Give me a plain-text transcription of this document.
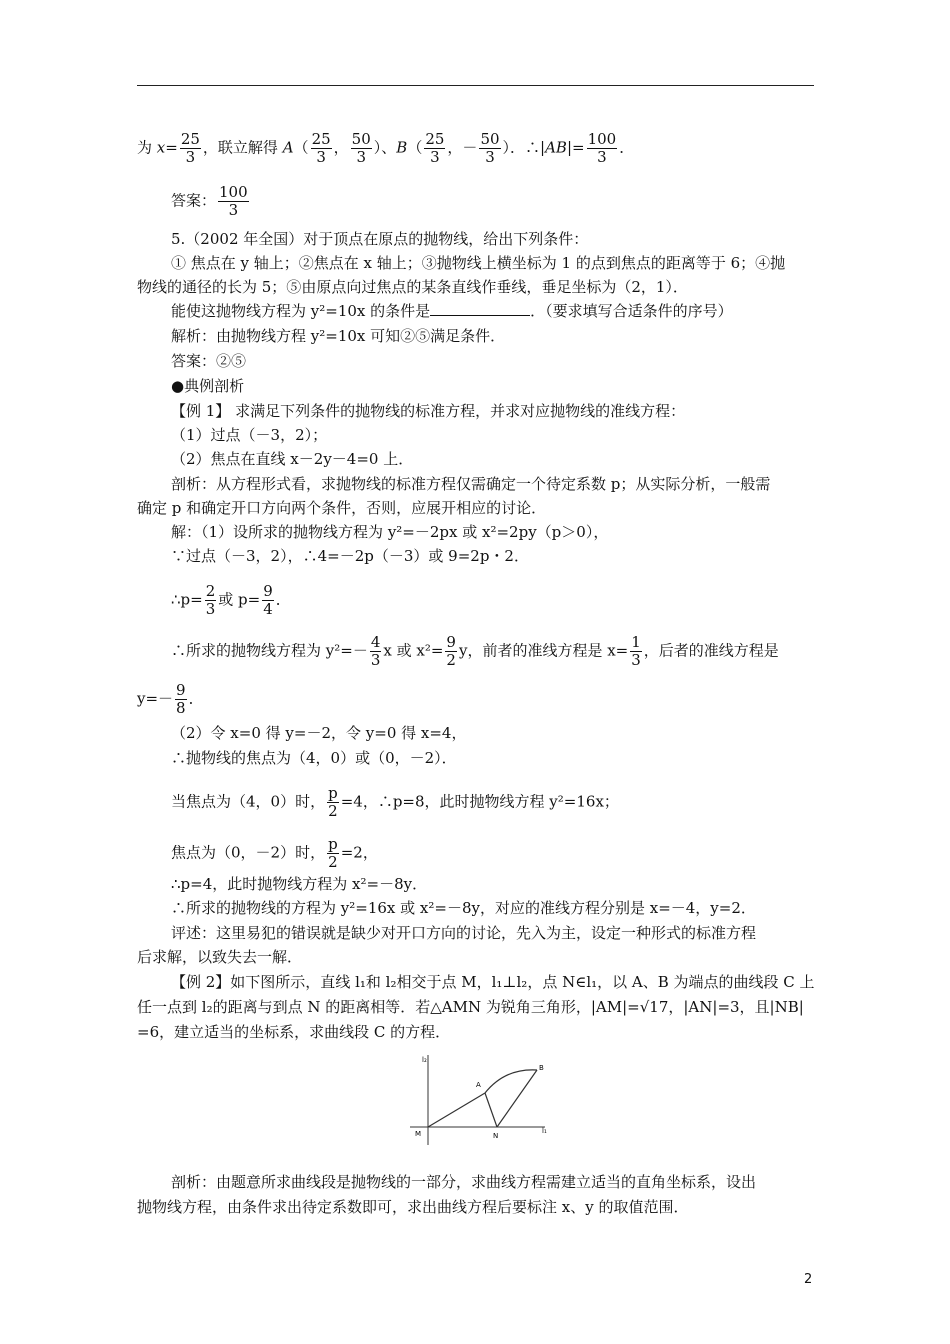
为 $x= \frac{25}{3}$ ，联立解得 $A( \frac{25}{3}$ ， $\frac{50}{3}$ ）、$B( \frac{25}{3}$ ，－ $\frac{50}{3}$ ）．∴|AB|= $\frac{100}{3}$ ．
答案： $\frac{100}{3}$
5.（2002 年全国）对于顶点在原点的抛物线，给出下列条件：
① 焦点在 y 轴上；②焦点在 x 轴上；③抛物线上横坐标为 1 的点到焦点的距离等于 6；④抛
物线的通径的长为 5；⑤由原点向过焦点的某条直线作垂线，垂足坐标为（2，1）．
能使这抛物线方程为 y²=10x 的条件是	．（要求填写合适条件的序号）
解析：由抛物线方程 y²=10x 可知②⑤满足条件．
答案：②⑤
●典例剖析
【例 1】 求满足下列条件的抛物线的标准方程，并求对应抛物线的准线方程：
（1）过点（－3，2）；
（2）焦点在直线 x－2y－4=0 上．
剖析：从方程形式看，求抛物线的标准方程仅需确定一个待定系数 p；从实际分析，一般需
确定 p 和确定开口方向两个条件，否则，应展开相应的讨论．
解：（1）设所求的抛物线方程为 y²=－2px 或 x²=2py（p＞0），
∵过点（－3，2），∴4=－2p（－3）或 9=2p・2．
∴p= $\frac{2}{3}$ 或 $p= \frac{9}{4}$ ．
∴所求的抛物线方程为 $y^2=- \frac{4}{3}$ x 或 $x^2= \frac{9}{2}$ y，前者的准线方程是 $x= \frac{1}{3}$ ，后者的准线方程是
$y=- \frac{9}{8}$ ．
（2）令 x=0 得 y=－2，令 y=0 得 x=4，
∴抛物线的焦点为（4，0）或（0，－2）．
当焦点为（4，0）时， $\frac{p}{2} =4$，∴p=8，此时抛物线方程 y²=16x；
焦点为（0，－2）时， $\frac{p}{2} =2$，
∴p=4，此时抛物线方程为 x²=－8y．
∴所求的抛物线的方程为 y²=16x 或 x²=－8y，对应的准线方程分别是 x=－4，y=2．
评述：这里易犯的错误就是缺少对开口方向的讨论，先入为主，设定一种形式的标准方程
后求解，以致失去一解．
【例 2】如下图所示，直线 l₁和 l₂相交于点 M，l₁⊥l₂，点 N∈l₁，以 A、B 为端点的曲线段 C 上
任一点到 l₂的距离与到点 N 的距离相等．若△AMN 为锐角三角形，|AM|=√17，|AN|=3，且|NB|
=6，建立适当的坐标系，求曲线段 C 的方程．
l₂
l₁
M	N
A
B
剖析：由题意所求曲线段是抛物线的一部分，求曲线方程需建立适当的直角坐标系，设出
抛物线方程，由条件求出待定系数即可，求出曲线方程后要标注 x、y 的取值范围．
2
